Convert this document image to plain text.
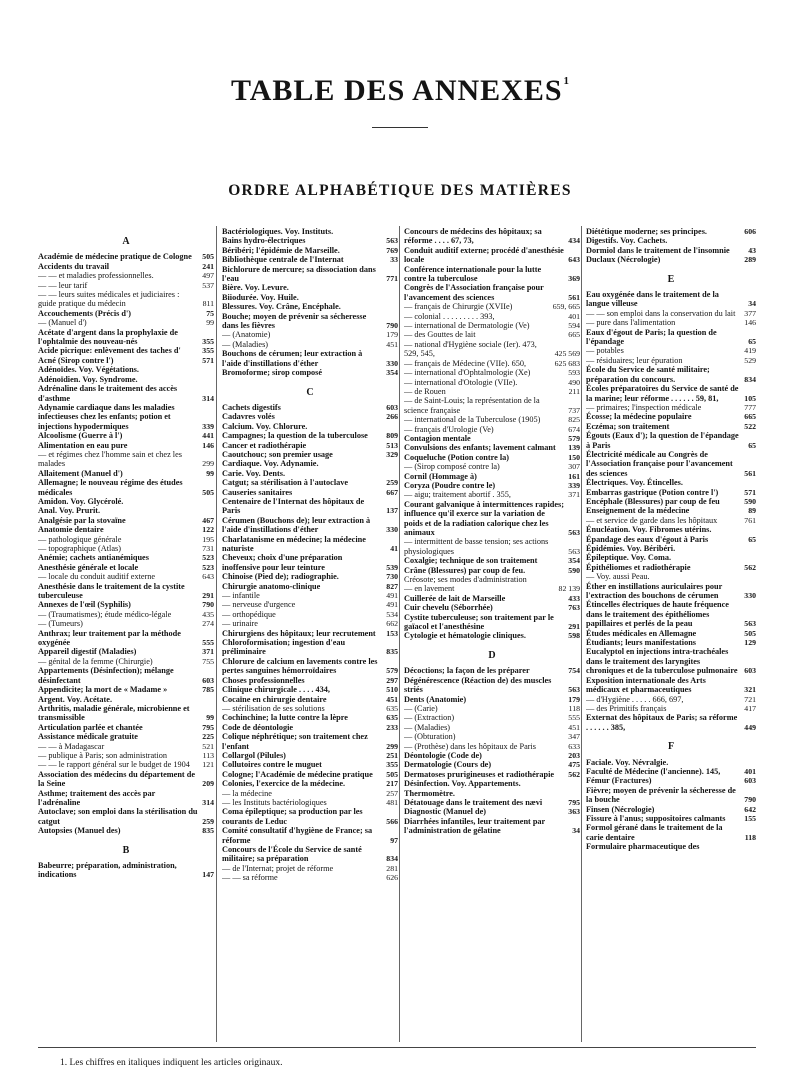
TABLE DES ANNEXES$^1$
ORDRE ALPHABÉTIQUE DES MATIÈRES
A
Académie de médecine pratique de Cologne	505
Accidents du travail	241
— — et maladies professionnelles.	497
— — leur tarif	537
— — leurs suites médicales et judiciaires : guide pratique du médecin	811
Accouchements (Précis d')	75
— (Manuel d')	99
Acétate d'argent dans la prophylaxie de l'ophtalmie des nouveau-nés	355
Acide picrique: enlèvement des taches d'	355
Acné (Sirop contre l')	571
Adénoïdes. Voy. Végétations.
Adénoïdien. Voy. Syndrome.
Adrénaline dans le traitement des accès d'asthme	314
Adynamie cardiaque dans les maladies infectieuses chez les enfants; potion et injections hypodermiques	339
Alcoolisme (Guerre à l')	441
Alimentation en eau pure	146
— et régimes chez l'homme sain et chez les malades	299
Allaitement (Manuel d')	99
Allemagne; le nouveau régime des études médicales	505
Amidon. Voy. Glycérolé.
Anal. Voy. Prurit.
Analgésie par la stovaïne	467
Anatomie dentaire	122
— pathologique générale	195
— topographique (Atlas)	731
Anémie; cachets antianémiques	523
Anesthésie générale et locale	523
— locale du conduit auditif externe	643
Anesthésie dans le traitement de la cystite tuberculeuse	291
Annexes de l'œil (Syphilis)	790
— (Traumatismes); étude médico-légale	435
— (Tumeurs)	274
Anthrax; leur traitement par la méthode oxygénée	555
Appareil digestif (Maladies)	371
— génital de la femme (Chirurgie)	755
Appartements (Désinfection); mélange désinfectant	603
Appendicite; la mort de « Madame »	785
Argent. Voy. Acétate.
Arthritis, maladie générale, microbienne et transmissible	99
Articulation parlée et chantée	795
Assistance médicale gratuite	225
— — à Madagascar	521
— publique à Paris; son administration	113
— — le rapport général sur le budget de 1904	121
Association des médecins du département de la Seine	209
Asthme; traitement des accès par l'adrénaline	314
Autoclave; son emploi dans la stérilisation du catgut	259
Autopsies (Manuel des)	835
B
Babeurre; préparation, administration, indications	147
Bactériologiques. Voy. Instituts.
Bains hydro-électriques	563
Béribéri; l'épidémie de Marseille.	769
Bibliothèque centrale de l'Internat	33
Bichlorure de mercure; sa dissociation dans l'eau	771
Bière. Voy. Levure.
Biiodurée. Voy. Huile.
Blessures. Voy. Crâne, Encéphale.
Bouche; moyen de prévenir sa sécheresse dans les fièvres	790
— (Anatomie)	179
— (Maladies)	451
Bouchons de cérumen; leur extraction à l'aide d'instillations d'éther	330
Bromoforme; sirop composé	354
C
Cachets digestifs	603
Cadavres volés	266
Calcium. Voy. Chlorure.
Campagnes; la question de la tuberculose	809
Cancer et radiothérapie	513
Caoutchouc; son premier usage	329
Cardiaque. Voy. Adynamie.
Carie. Voy. Dents.
Catgut; sa stérilisation à l'autoclave	259
Causeries sanitaires	667
Centenaire de l'Internat des hôpitaux de Paris	137
Cérumen (Bouchons de); leur extraction à l'aide d'instillations d'éther	330
Charlatanisme en médecine; la médecine naturiste	41
Cheveux; choix d'une préparation inoffensive pour leur teinture	539
Chinoise (Pied de); radiographie.	730
Chirurgie anatomo-clinique	827
— infantile	491
— nerveuse d'urgence	491
— orthopédique	534
— urinaire	662
Chirurgiens des hôpitaux; leur recrutement	153
Chloroformisation; ingestion d'eau préliminaire	835
Chlorure de calcium en lavements contre les pertes sanguines hémorroïdaires	579
Choses professionnelles	297
Clinique chirurgicale . . . . 434,	510
Cocaïne en chirurgie dentaire	451
— stérilisation de ses solutions	635
Cochinchine; la lutte contre la lèpre	635
Code de déontologie	233
Colique néphrétique; son traitement chez l'enfant	299
Collargol (Pilules)	251
Collutoires contre le muguet	355
Cologne; l'Académie de médecine pratique	505
Colonies, l'exercice de la médecine.	217
— la médecine	257
— les Instituts bactériologiques	481
Coma épileptique; sa production par les courants de Leduc	566
Comité consultatif d'hygiène de France; sa réforme	97
Concours de l'École du Service de santé militaire; sa préparation	834
— de l'Internat; projet de réforme	281
— — sa réforme	626
Concours de médecins des hôpitaux; sa réforme . . . . 67, 73,	434
Conduit auditif externe; procédé d'anesthésie locale	643
Conférence internationale pour la lutte contre la tuberculose	369
Congrès de l'Association française pour l'avancement des sciences	561
— français de Chirurgie (XVIIe)	659, 665
— colonial . . . . . . . . . 393,	401
— international de Dermatologie (Ve)	594
— des Gouttes de lait	665
— national d'Hygiène sociale (Ier). 473, 529, 545,	425 569
— français de Médecine (VIIe). 650,	625 683
— international d'Ophtalmologie (Xe)	593
— international d'Otologie (VIIe).	490
— de Rouen	211
— de Saint-Louis; la représentation de la science française	737
— international de la Tuberculose (1905)	825
— français d'Urologie (Ve)	674
Contagion mentale	579
Convulsions des enfants; lavement calmant	139
Coqueluche (Potion contre la)	150
— (Sirop composé contre la)	307
Cornil (Hommage à)	161
Coryza (Poudre contre le)	339
— aigu; traitement abortif . 355,	371
Courant galvanique à intermittences rapides; influence qu'il exerce sur la variation de poids et de la radiation calorique chez les animaux	563
— intermittent de basse tension; ses actions physiologiques	563
Coxalgie; technique de son traitement	354
Crâne (Blessures) par coup de feu.	590
Créosote; ses modes d'administration
— en lavement	82 139
Cuillerée de lait de Marseille	433
Cuir chevelu (Séborrhée)	763
Cystite tuberculeuse; son traitement par le gaïacol et l'anesthésine	291
Cytologie et hématologie cliniques.	598
D
Décoctions; la façon de les préparer	754
Dégénérescence (Réaction de) des muscles striés	563
Dents (Anatomie)	179
— (Carie)	118
— (Extraction)	555
— (Maladies)	451
— (Obturation)	347
— (Prothèse) dans les hôpitaux de Paris	633
Déontologie (Code de)	203
Dermatologie (Cours de)	475
Dermatoses prurigineuses et radiothérapie	562
Désinfection. Voy. Appartements. Thermomètre.
Détatouage dans le traitement des nævi	795
Diagnostic (Manuel de)	363
Diarrhées infantiles, leur traitement par l'administration de gélatine	34
Diététique moderne; ses principes.	606
Digestifs. Voy. Cachets.
Dormiol dans le traitement de l'insomnie	43
Duclaux (Nécrologie)	289
E
Eau oxygénée dans le traitement de la langue villeuse	34
— — son emploi dans la conservation du lait	377
— pure dans l'alimentation	146
Eaux d'égout de Paris; la question de l'épandage	65
— potables	419
— résiduaires; leur épuration	529
École du Service de santé militaire; préparation du concours.	834
Écoles préparatoires du Service de santé de la marine; leur réforme . . . . . . 59, 81,	105
— primaires; l'inspection médicale	777
Écosse; la médecine populaire	665
Eczéma; son traitement	522
Égouts (Eaux d'); la question de l'épandage à Paris	65
Électricité médicale au Congrès de l'Association française pour l'avancement des sciences	561
Électriques. Voy. Étincelles.
Embarras gastrique (Potion contre l')	571
Encéphale (Blessures) par coup de feu	590
Enseignement de la médecine	89
— et service de garde dans les hôpitaux	761
Énucléation. Voy. Fibromes utérins.
Épandage des eaux d'égout à Paris	65
Épidémies. Voy. Béribéri.
Épileptique. Voy. Coma.
Épithéliomes et radiothérapie	562
— Voy. aussi Peau.
Éther en instillations auriculaires pour l'extraction des bouchons de cérumen	330
Étincelles électriques de haute fréquence dans le traitement des épithéliomes papillaires et perlés de la peau	563
Études médicales en Allemagne	505
Étudiants; leurs manifestations	129
Eucalyptol en injections intra-trachéales dans le traitement des laryngites chroniques et de la tuberculose pulmonaire 603
Exposition internationale des Arts médicaux et pharmaceutiques	321
— d'Hygiène . . . . . 666, 697,	721
— des Primitifs français	417
Externat des hôpitaux de Paris; sa réforme . . . . . . 385,	449
F
Faciale. Voy. Névralgie.
Faculté de Médecine (l'ancienne). 145,	401
Fémur (Fractures)	603
Fièvre; moyen de prévenir la sécheresse de la bouche	790
Finsen (Nécrologie)	642
Fissure à l'anus; suppositoires calmants	155
Formol gérané dans le traitement de la carie dentaire	118
Formulaire pharmaceutique des

1. Les chiffres en italiques indiquent les articles originaux.
